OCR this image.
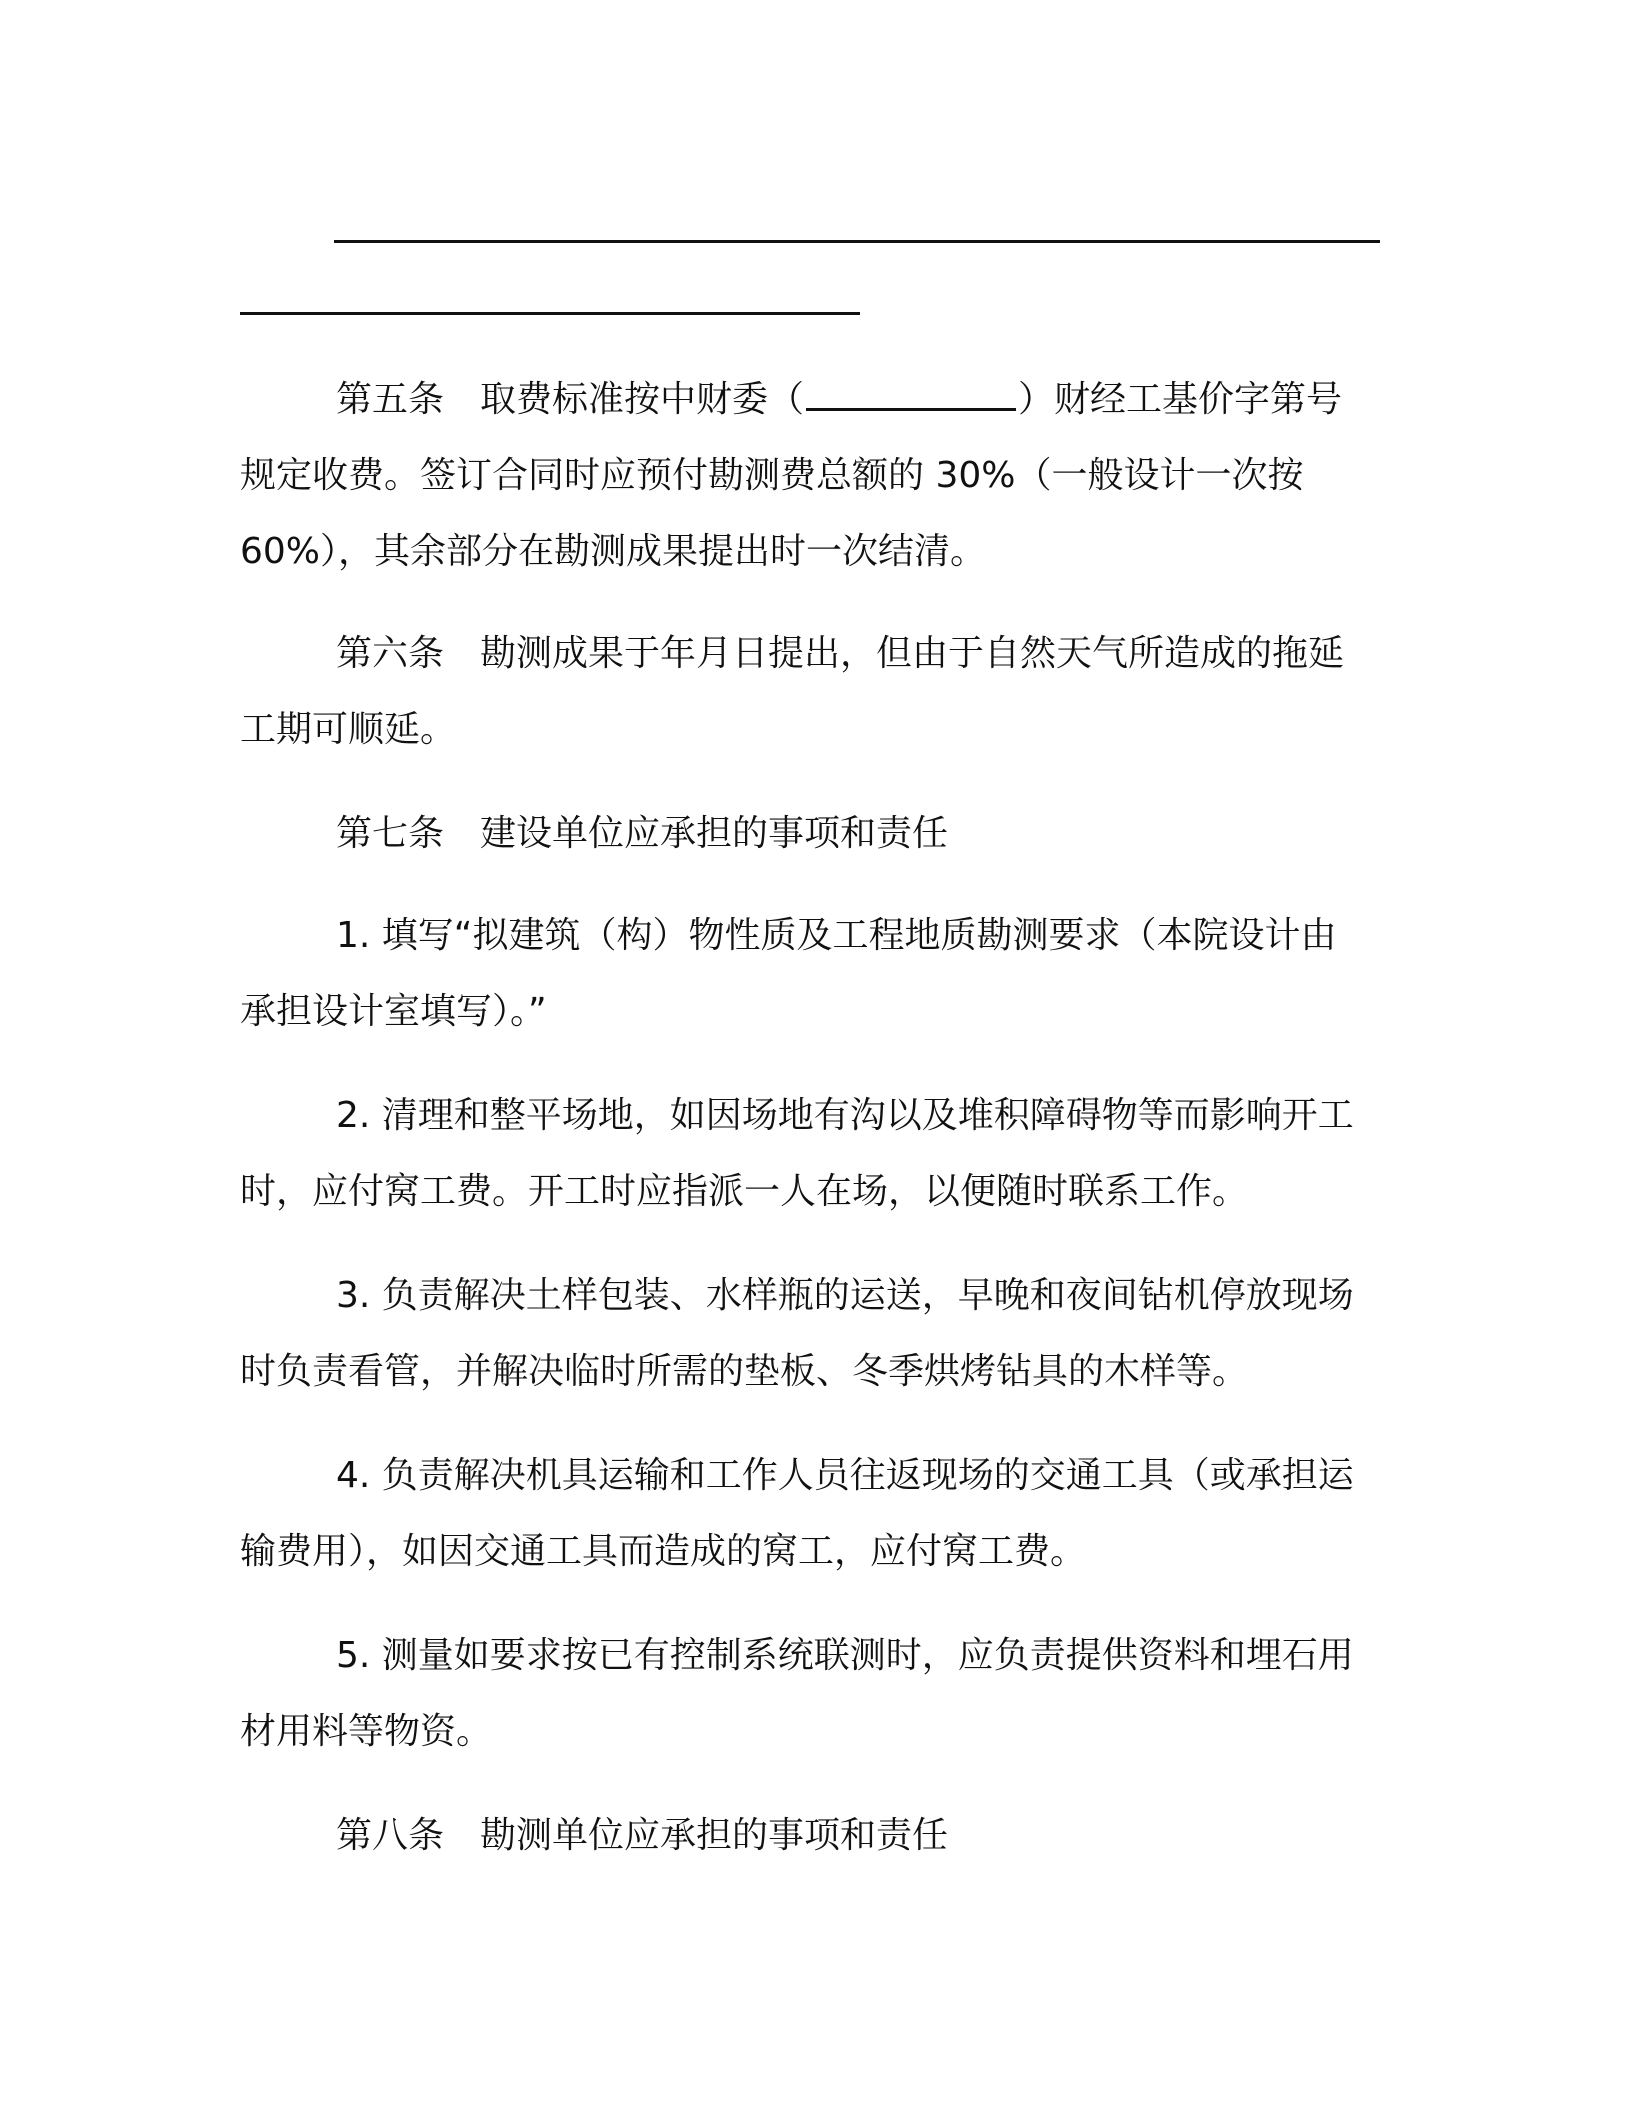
第五条 取费标准按中财委（	）财经工基价字第号
规定收费。签订合同时应预付勘测费总额的 30%（一般设计一次按
60%），其余部分在勘测成果提出时一次结清。
第六条 勘测成果于年月日提出，但由于自然天气所造成的拖延
工期可顺延。
第七条 建设单位应承担的事项和责任
1. 填写“拟建筑（构）物性质及工程地质勘测要求（本院设计由
承担设计室填写）。”
2. 清理和整平场地，如因场地有沟以及堆积障碍物等而影响开工
时，应付窝工费。开工时应指派一人在场，以便随时联系工作。
3. 负责解决土样包装、水样瓶的运送，早晚和夜间钻机停放现场
时负责看管，并解决临时所需的垫板、冬季烘烤钻具的木样等。
4. 负责解决机具运输和工作人员往返现场的交通工具（或承担运
输费用），如因交通工具而造成的窝工，应付窝工费。
5. 测量如要求按已有控制系统联测时，应负责提供资料和埋石用
材用料等物资。
第八条 勘测单位应承担的事项和责任
